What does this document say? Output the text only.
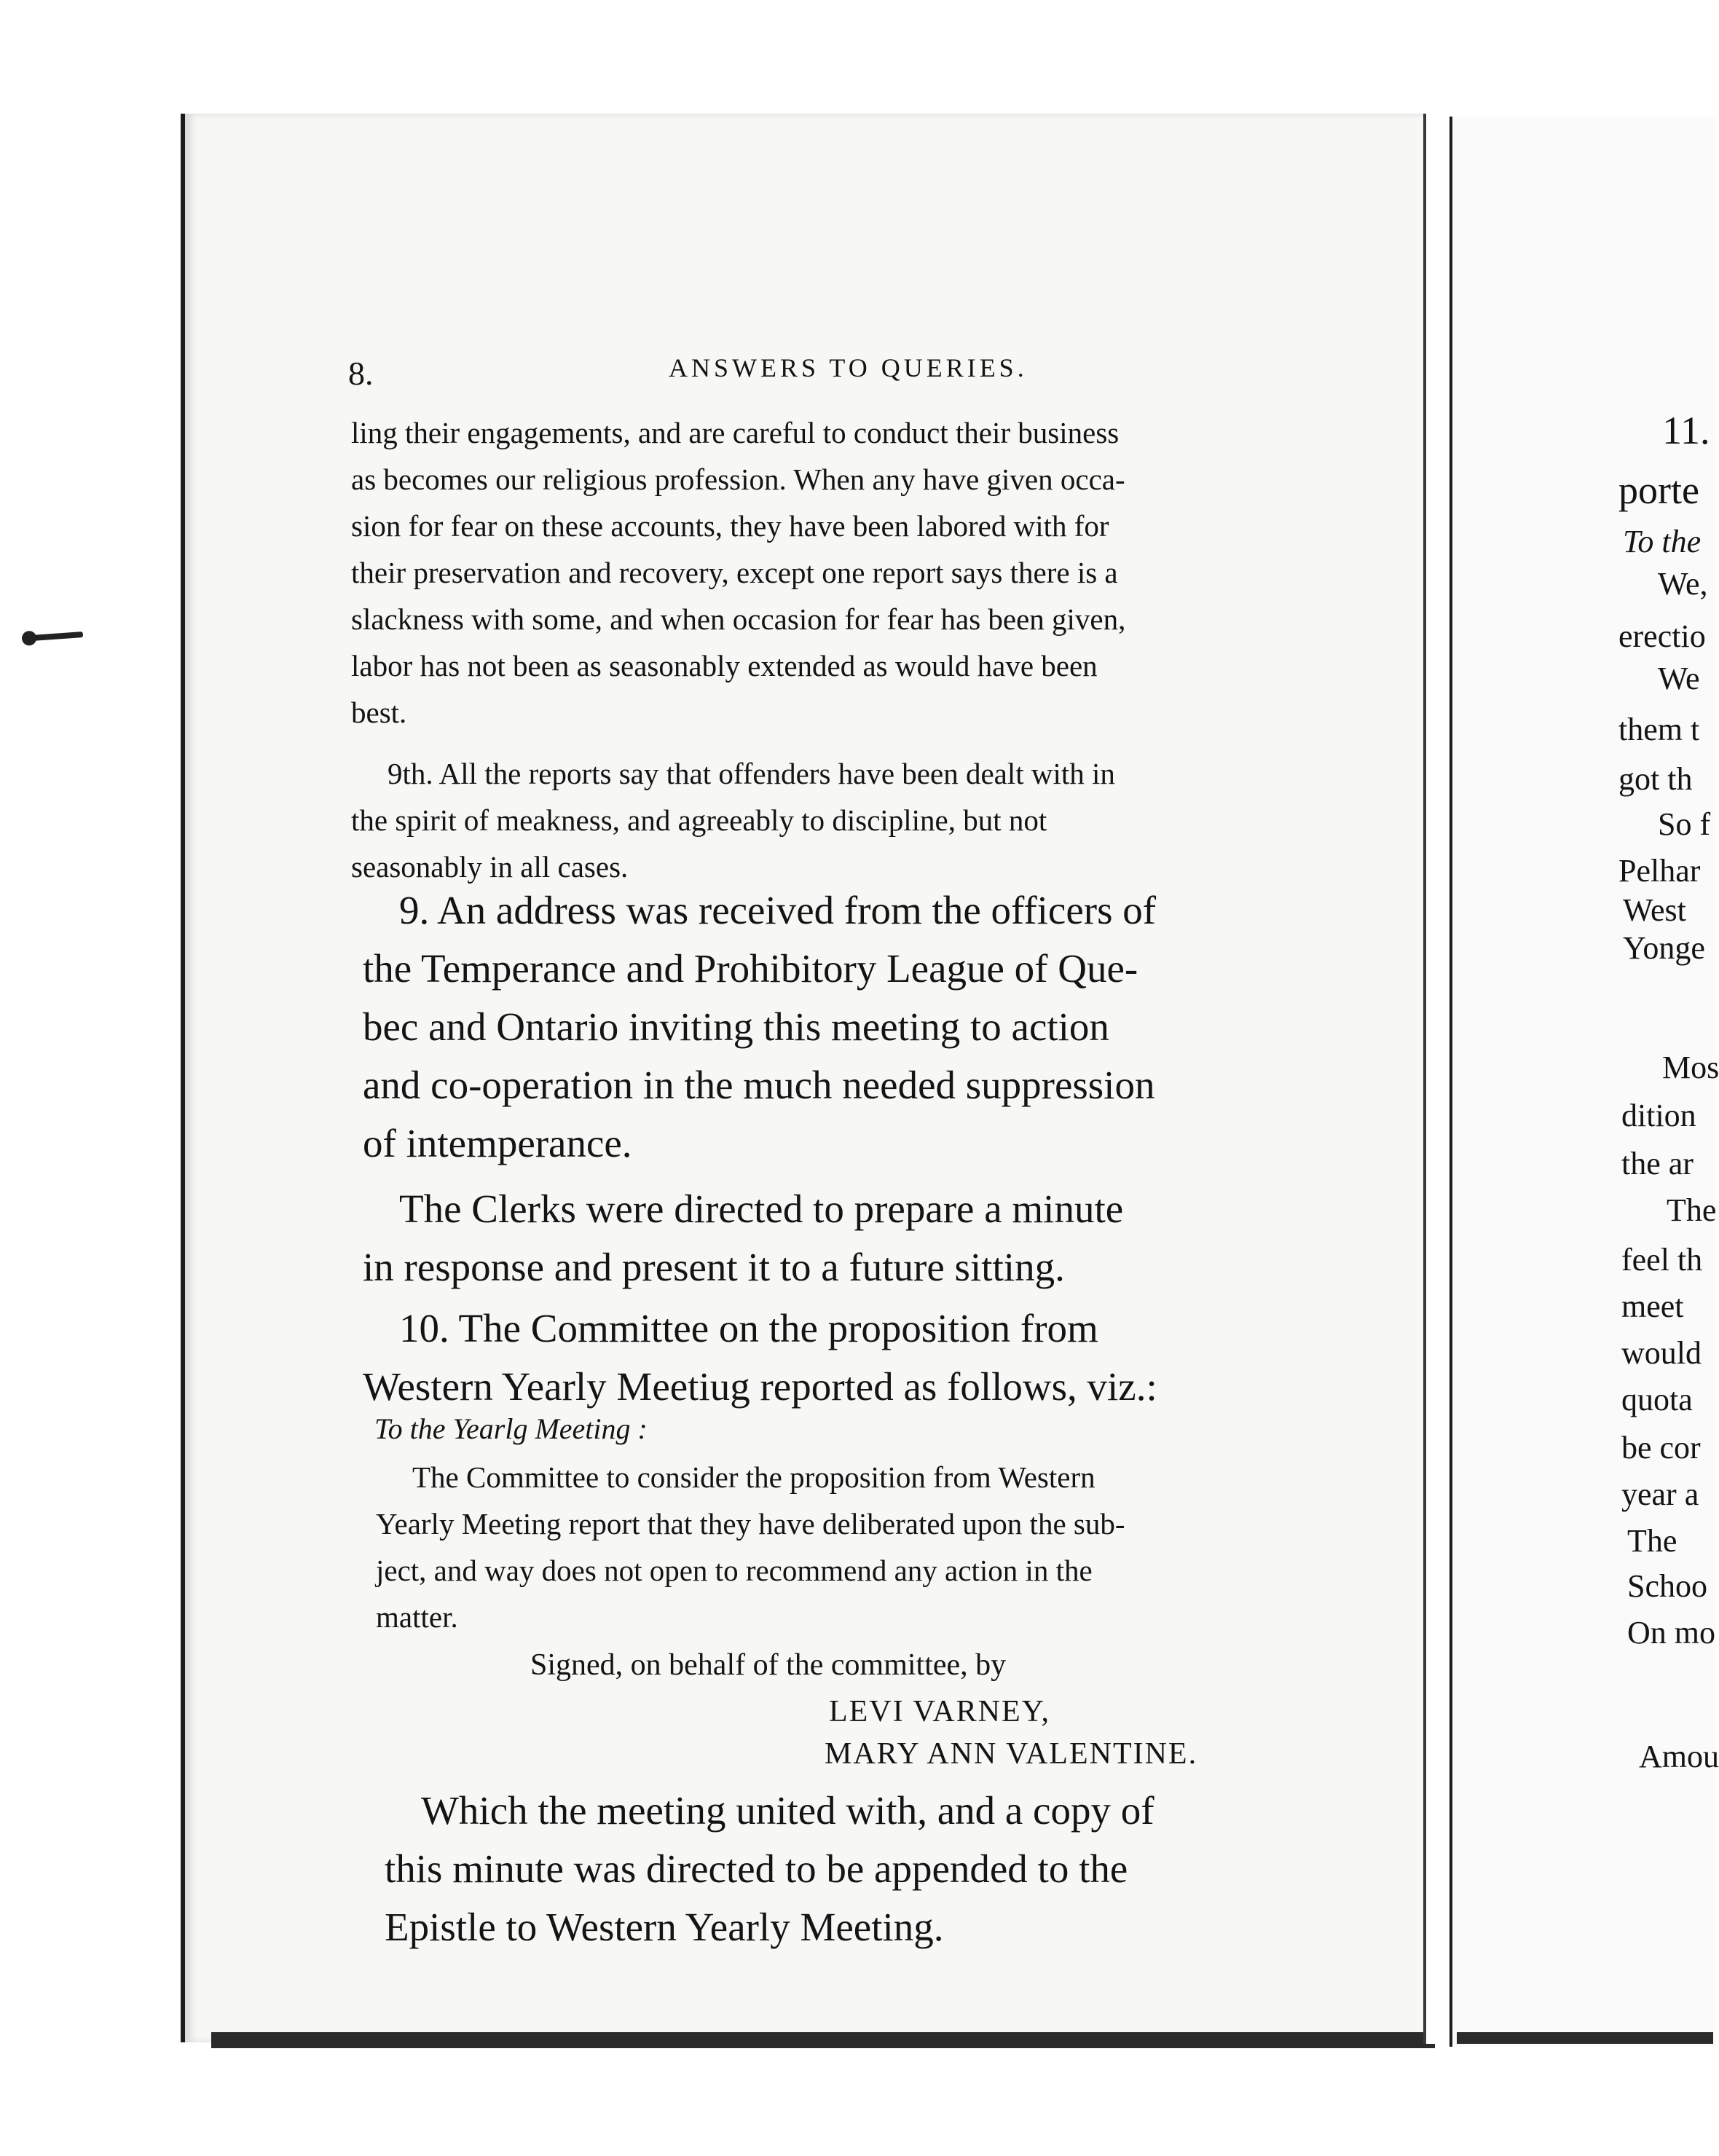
8.	ANSWERS TO QUERIES.

ling their engagements, and are careful to conduct their business
as becomes our religious profession. When any have given occa-
sion for fear on these accounts, they have been labored with for
their preservation and recovery, except one report says there is a
slackness with some, and when occasion for fear has been given,
labor has not been as seasonably extended as would have been
best.

9th. All the reports say that offenders have been dealt with in
the spirit of meakness, and agreeably to discipline, but not
seasonably in all cases.

9. An address was received from the officers of
the Temperance and Prohibitory League of Que-
bec and Ontario inviting this meeting to action
and co-operation in the much needed suppression
of intemperance.

The Clerks were directed to prepare a minute
in response and present it to a future sitting.

10. The Committee on the proposition from
Western Yearly Meetiug reported as follows, viz.:

To the Yearlg Meeting :

The Committee to consider the proposition from Western
Yearly Meeting report that they have deliberated upon the sub-
ject, and way does not open to recommend any action in the
matter.

Signed, on behalf of the committee, by
LEVI VARNEY,
MARY ANN VALENTINE.

Which the meeting united with, and a copy of
this minute was directed to be appended to the
Epistle to Western Yearly Meeting.

11.
porte
To the
We,
erectio
We
them t
got th
So f
Pelhar
West
Yonge
Mos
dition
the ar
The
feel th
meet
would
quota
be cor
year a
The
Schoo
On mo
Amou
